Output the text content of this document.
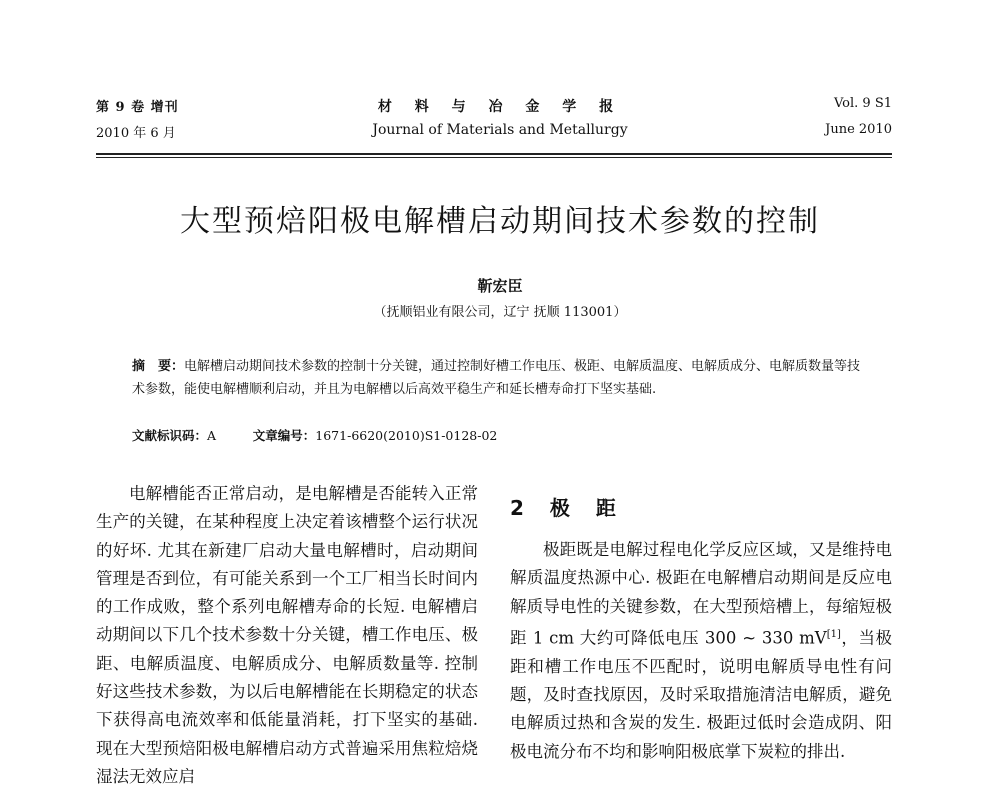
第 9 卷 增刊
2010 年 6 月
材 料 与 冶 金 学 报
Journal of Materials and Metallurgy
Vol. 9 S1
June 2010
大型预焙阳极电解槽启动期间技术参数的控制
靳宏臣
（抚顺铝业有限公司，辽宁 抚顺 113001）
摘　要：电解槽启动期间技术参数的控制十分关键，通过控制好槽工作电压、极距、电解质温度、电解质成分、电解质数量等技术参数，能使电解槽顺利启动，并且为电解槽以后高效平稳生产和延长槽寿命打下坚实基础.
文献标识码：A	文章编号：1671-6620(2010)S1-0128-02

电解槽能否正常启动，是电解槽是否能转入正常生产的关键，在某种程度上决定着该槽整个运行状况的好坏. 尤其在新建厂启动大量电解槽时，启动期间管理是否到位，有可能关系到一个工厂相当长时间内的工作成败，整个系列电解槽寿命的长短. 电解槽启动期间以下几个技术参数十分关键，槽工作电压、极距、电解质温度、电解质成分、电解质数量等. 控制好这些技术参数，为以后电解槽能在长期稳定的状态下获得高电流效率和低能量消耗，打下坚实的基础. 现在大型预焙阳极电解槽启动方式普遍采用焦粒焙烧湿法无效应启

2　极　距

极距既是电解过程电化学反应区域，又是维持电解质温度热源中心. 极距在电解槽启动期间是反应电解质导电性的关键参数，在大型预焙槽上，每缩短极距 1 cm 大约可降低电压 300 ~ 330 mV[1]，当极距和槽工作电压不匹配时，说明电解质导电性有问题，及时查找原因，及时采取措施清洁电解质，避免电解质过热和含炭的发生. 极距过低时会造成阴、阳极电流分布不均和影响阳极底掌下炭粒的排出.
